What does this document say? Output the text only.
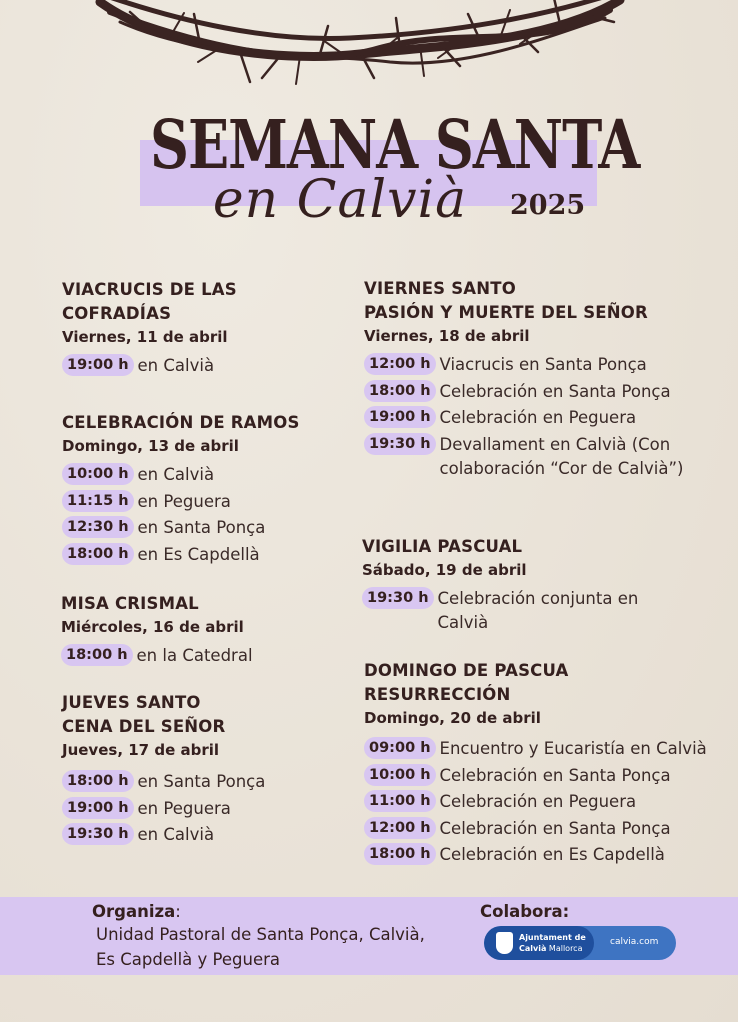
SEMANA SANTA
en Calvià	2025
VIACRUCIS DE LAS
COFRADÍAS
Viernes, 11 de abril
19:00 h en Calvià
CELEBRACIÓN DE RAMOS
Domingo, 13 de abril
10:00 h en Calvià
11:15 h en Peguera
12:30 h en Santa Ponça
18:00 h en Es Capdellà
MISA CRISMAL
Miércoles, 16 de abril
18:00 h en la Catedral
JUEVES SANTO
CENA DEL SEÑOR
Jueves, 17 de abril
18:00 h en Santa Ponça
19:00 h en Peguera
19:30 h en Calvià
VIERNES SANTO
PASIÓN Y MUERTE DEL SEÑOR
Viernes, 18 de abril
12:00 h Viacrucis en Santa Ponça
18:00 h Celebración en Santa Ponça
19:00 h Celebración en Peguera
19:30 h Devallament en Calvià (Con colaboración “Cor de Calvià”)
VIGILIA PASCUAL
Sábado, 19 de abril
19:30 h Celebración conjunta en Calvià
DOMINGO DE PASCUA
RESURRECCIÓN
Domingo, 20 de abril
09:00 h Encuentro y Eucaristía en Calvià
10:00 h Celebración en Santa Ponça
11:00 h Celebración en Peguera
12:00 h Celebración en Santa Ponça
18:00 h Celebración en Es Capdellà
Organiza:
Unidad Pastoral de Santa Ponça, Calvià, Es Capdellà y Peguera
Colabora:
Ajuntament de
Calvià Mallorca
calvia.com
